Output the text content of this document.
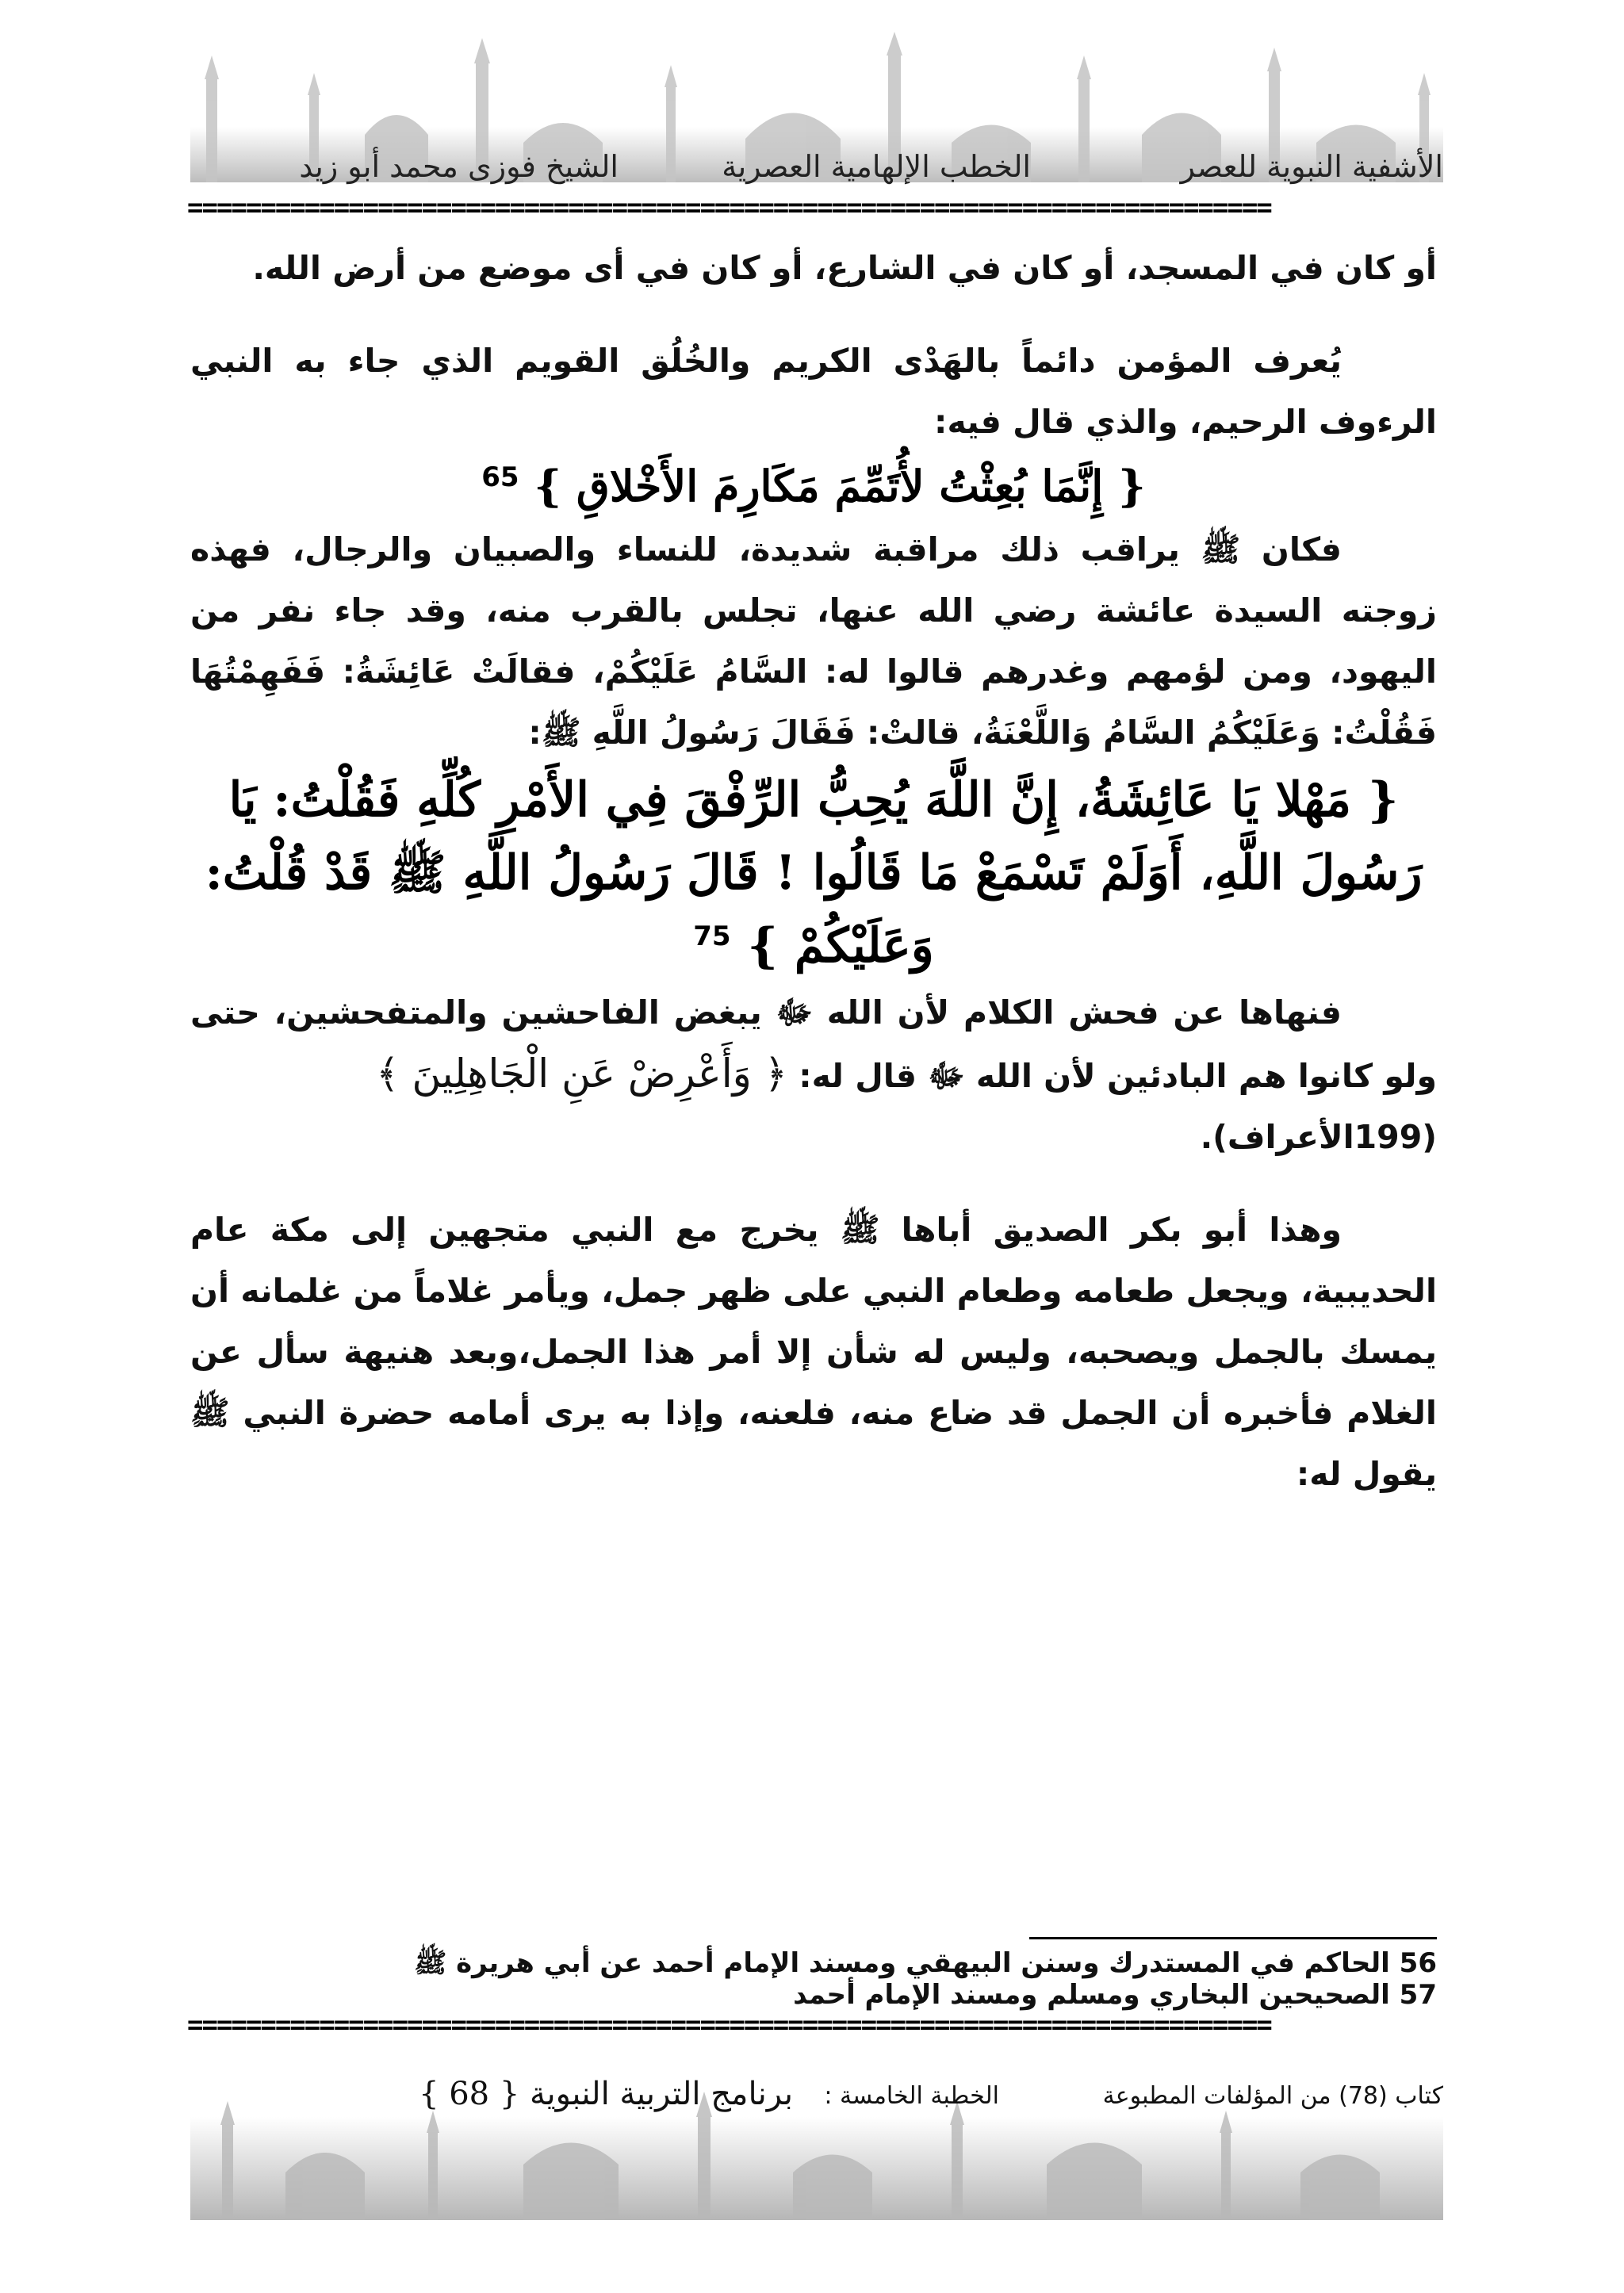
الأشفية النبوية للعصر
الخطب الإلهامية العصرية
الشيخ فوزى محمد أبو زيد
==========================================================================

أو كان في المسجد، أو كان في الشارع، أو كان في أى موضع من أرض الله.

يُعرف المؤمن دائماً بالهَدْى الكريم والخُلُق القويم الذي جاء به النبي الرءوف الرحيم، والذي قال فيه:

{ إِنَّمَا بُعِثْتُ لأُتَمِّمَ مَكَارِمَ الأَخْلاقِ } $^{65}$

فكان ﷺ يراقب ذلك مراقبة شديدة، للنساء والصبيان والرجال، فهذه زوجته السيدة عائشة رضي الله عنها، تجلس بالقرب منه، وقد جاء نفر من اليهود، ومن لؤمهم وغدرهم قالوا له: السَّامُ عَلَيْكُمْ، فقالَتْ عَائِشَةُ: فَفَهِمْتُهَا فَقُلْتُ: وَعَلَيْكُمُ السَّامُ وَاللَّعْنَةُ، قالتْ: فَقَالَ رَسُولُ اللَّهِ ﷺ:

{ مَهْلا يَا عَائِشَةُ، إِنَّ اللَّهَ يُحِبُّ الرِّفْقَ فِي الأَمْرِ كُلِّهِ فَقُلْتُ: يَا رَسُولَ اللَّهِ، أَوَلَمْ تَسْمَعْ مَا قَالُوا ! قَالَ رَسُولُ اللَّهِ ﷺ قَدْ قُلْتُ: وَعَلَيْكُمْ } $^{75}$

فنهاها عن فحش الكلام لأن الله ﷻ يبغض الفاحشين والمتفحشين، حتى ولو كانوا هم البادئين لأن الله ﷻ قال له: ﴿ وَأَعْرِضْ عَنِ الْجَاهِلِينَ ﴾
(199الأعراف).

وهذا أبو بكر الصديق أباها ﷺ يخرج مع النبي متجهين إلى مكة عام الحديبية، ويجعل طعامه وطعام النبي على ظهر جمل، ويأمر غلاماً من غلمانه أن يمسك بالجمل ويصحبه، وليس له شأن إلا أمر هذا الجمل،وبعد هنيهة سأل عن الغلام فأخبره أن الجمل قد ضاع منه، فلعنه، وإذا به يرى أمامه حضرة النبي ﷺ يقول له:

56 الحاكم في المستدرك وسنن البيهقي ومسند الإمام أحمد عن أبي هريرة ﷺ

57 الصحيحين البخاري ومسلم ومسند الإمام أحمد

==========================================================================
كتاب (78) من المؤلفات المطبوعة
الخطبة الخامسة :
برنامج التربية النبوية { 68 }
